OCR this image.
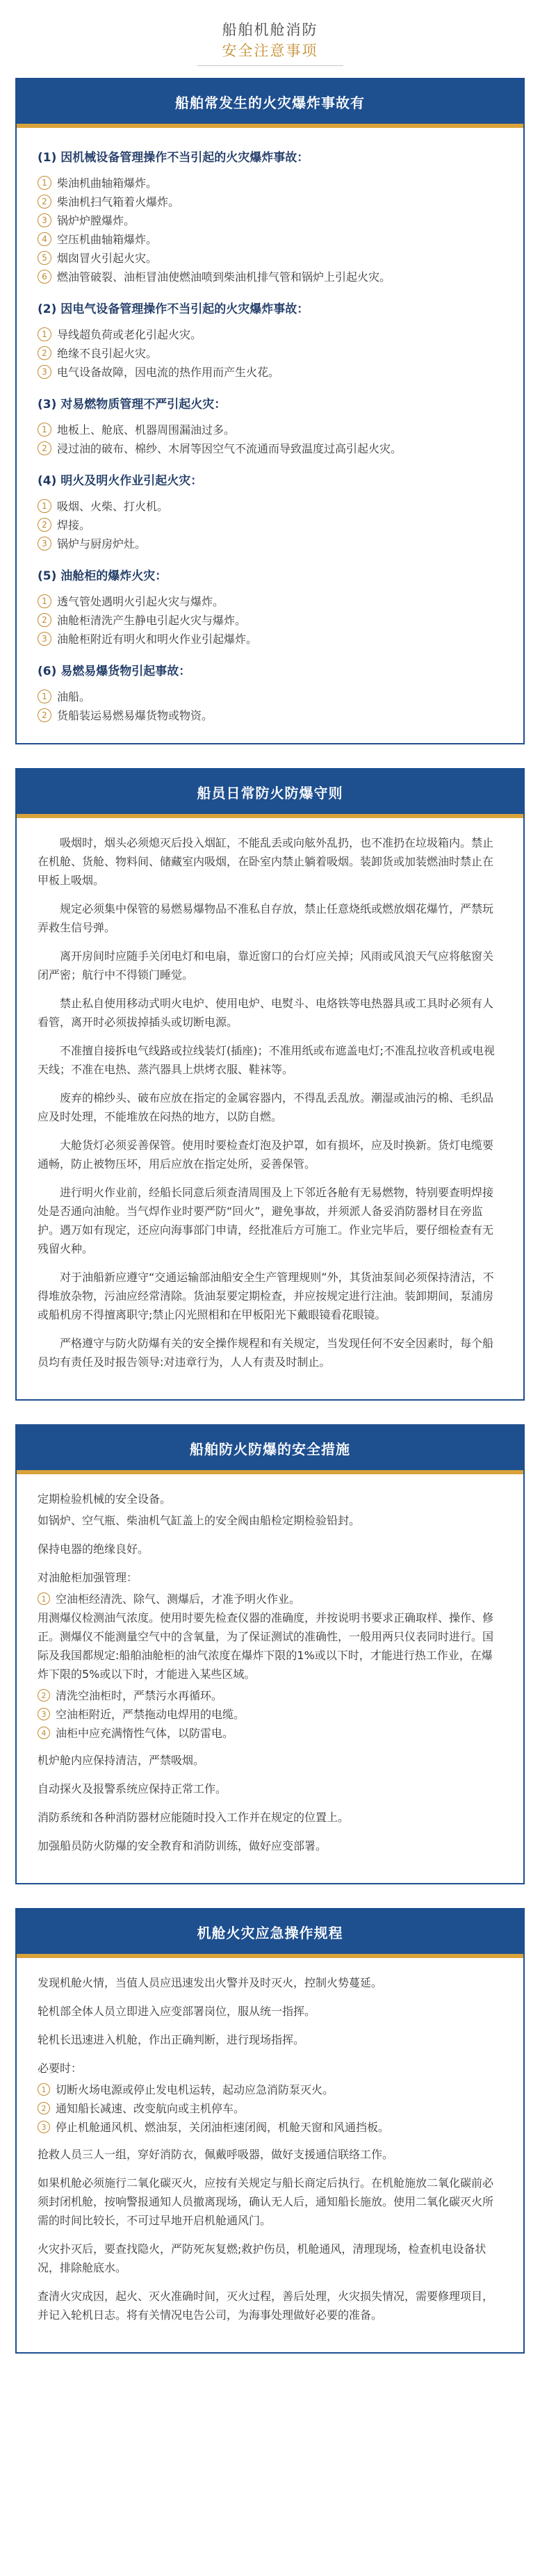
船舶机舱消防
安全注意事项
船舶常发生的火灾爆炸事故有
(1) 因机械设备管理操作不当引起的火灾爆炸事故：
1 柴油机曲轴箱爆炸。
2 柴油机扫气箱着火爆炸。
3 锅炉炉膛爆炸。
4 空压机曲轴箱爆炸。
5 烟囱冒火引起火灾。
6 燃油管破裂、油柜冒油使燃油喷到柴油机排气管和锅炉上引起火灾。
(2) 因电气设备管理操作不当引起的火灾爆炸事故：
1 导线超负荷或老化引起火灾。
2 绝缘不良引起火灾。
3 电气设备故障，因电流的热作用而产生火花。
(3) 对易燃物质管理不严引起火灾：
1 地板上、舱底、机器周围漏油过多。
2 浸过油的破布、棉纱、木屑等因空气不流通而导致温度过高引起火灾。
(4) 明火及明火作业引起火灾：
1 吸烟、火柴、打火机。
2 焊接。
3 锅炉与厨房炉灶。
(5) 油舱柜的爆炸火灾：
1 透气管处遇明火引起火灾与爆炸。
2 油舱柜清洗产生静电引起火灾与爆炸。
3 油舱柜附近有明火和明火作业引起爆炸。
(6) 易燃易爆货物引起事故：
1 油船。
2 货船装运易燃易爆货物或物资。
船员日常防火防爆守则

吸烟时，烟头必须熄灭后投入烟缸，不能乱丢或向舷外乱扔，也不准扔在垃圾箱内。禁止在机舱、货舱、物料间、储藏室内吸烟，在卧室内禁止躺着吸烟。装卸货或加装燃油时禁止在甲板上吸烟。

规定必须集中保管的易燃易爆物品不准私自存放，禁止任意烧纸或燃放烟花爆竹，严禁玩弄救生信号弹。

离开房间时应随手关闭电灯和电扇，靠近窗口的台灯应关掉；风雨或风浪天气应将舷窗关闭严密；航行中不得锁门睡觉。

禁止私自使用移动式明火电炉、使用电炉、电熨斗、电烙铁等电热器具或工具时必须有人看管，离开时必须拔掉插头或切断电源。

不准擅自接拆电气线路或拉线装灯(插座)；不准用纸或布遮盖电灯;不准乱拉收音机或电视天线；不准在电热、蒸汽器具上烘烤衣服、鞋袜等。

废弃的棉纱头、破布应放在指定的金属容器内，不得乱丢乱放。潮湿或油污的棉、毛织品应及时处理，不能堆放在闷热的地方，以防自燃。

大舱货灯必须妥善保管。使用时要检查灯泡及护罩，如有损坏，应及时换新。货灯电缆要通畅，防止被物压坏，用后应放在指定处所，妥善保管。

进行明火作业前，经船长同意后须查清周围及上下邻近各舱有无易燃物，特别要查明焊接处是否通向油舱。当气焊作业时要严防“回火”，避免事故，并须派人备妥消防器材目在旁监护。遇万如有现定，还应向海事部门申请，经批准后方可施工。作业完毕后，要仔细检查有无残留火种。

对于油船新应遵守“交通运输部油船安全生产管理规则”外，其货油泵间必须保持清洁，不得堆放杂物，污油应经常清除。货油泵要定期检查，并应按规定进行注油。装卸期间，泵浦房或船机房不得擅离职守;禁止闪光照相和在甲板阳光下戴眼镜看花眼镜。

严格遵守与防火防爆有关的安全操作规程和有关规定，当发现任何不安全因素时，每个船员均有责任及时报告领导:对违章行为，人人有责及时制止。

船舶防火防爆的安全措施

定期检验机械的安全设备。

如锅炉、空气瓶、柴油机气缸盖上的安全阀由船检定期检验铅封。

保持电器的绝缘良好。

对油舱柜加强管理：

1 空油柜经清洗、除气、测爆后，才准予明火作业。

用测爆仪检测油气浓度。使用时要先检查仪器的准确度，并按说明书要求正确取样、操作、修正。测爆仪不能测量空气中的含氧量，为了保证测试的准确性，一般用两只仪表同时进行。国际及我国都规定:船舶油舱柜的油气浓度在爆炸下限的1%或以下时，才能进行热工作业，在爆炸下限的5%或以下时，才能进入某些区域。

2 清洗空油柜时，严禁污水再循环。
3 空油柜附近，严禁拖动电焊用的电缆。
4 油柜中应充满惰性气体，以防雷电。

机炉舱内应保持清洁，严禁吸烟。

自动探火及报警系统应保持正常工作。

消防系统和各种消防器材应能随时投入工作并在规定的位置上。

加强船员防火防爆的安全教育和消防训练，做好应变部署。

机舱火灾应急操作规程

发现机舱火情，当值人员应迅速发出火警并及时灭火，控制火势蔓延。

轮机部全体人员立即进入应变部署岗位，服从统一指挥。

轮机长迅速进入机舱，作出正确判断，进行现场指挥。

必要时：

1 切断火场电源或停止发电机运转，起动应急消防泵灭火。
2 通知船长减速、改变航向或主机停车。
3 停止机舱通风机、燃油泵，关闭油柜速闭阀，机舱天窗和风通挡板。

抢救人员三人一组，穿好消防衣，佩戴呼吸器，做好支援通信联络工作。

如果机舱必须施行二氧化碳灭火，应按有关规定与船长商定后执行。在机舱施放二氧化碳前必须封闭机舱，按响警报通知人员撤离现场，确认无人后，通知船长施放。使用二氧化碳灭火所需的时间比较长，不可过早地开启机舱通风门。

火灾扑灭后，要查找隐火，严防死灰复燃;救护伤员，机舱通风，清理现场，检查机电设备状况，排除舱底水。

查清火灾成因，起火、灭火准确时间，灭火过程，善后处理，火灾损失情况，需要修理项目，并记入轮机日志。将有关情况电告公司，为海事处理做好必要的准备。
